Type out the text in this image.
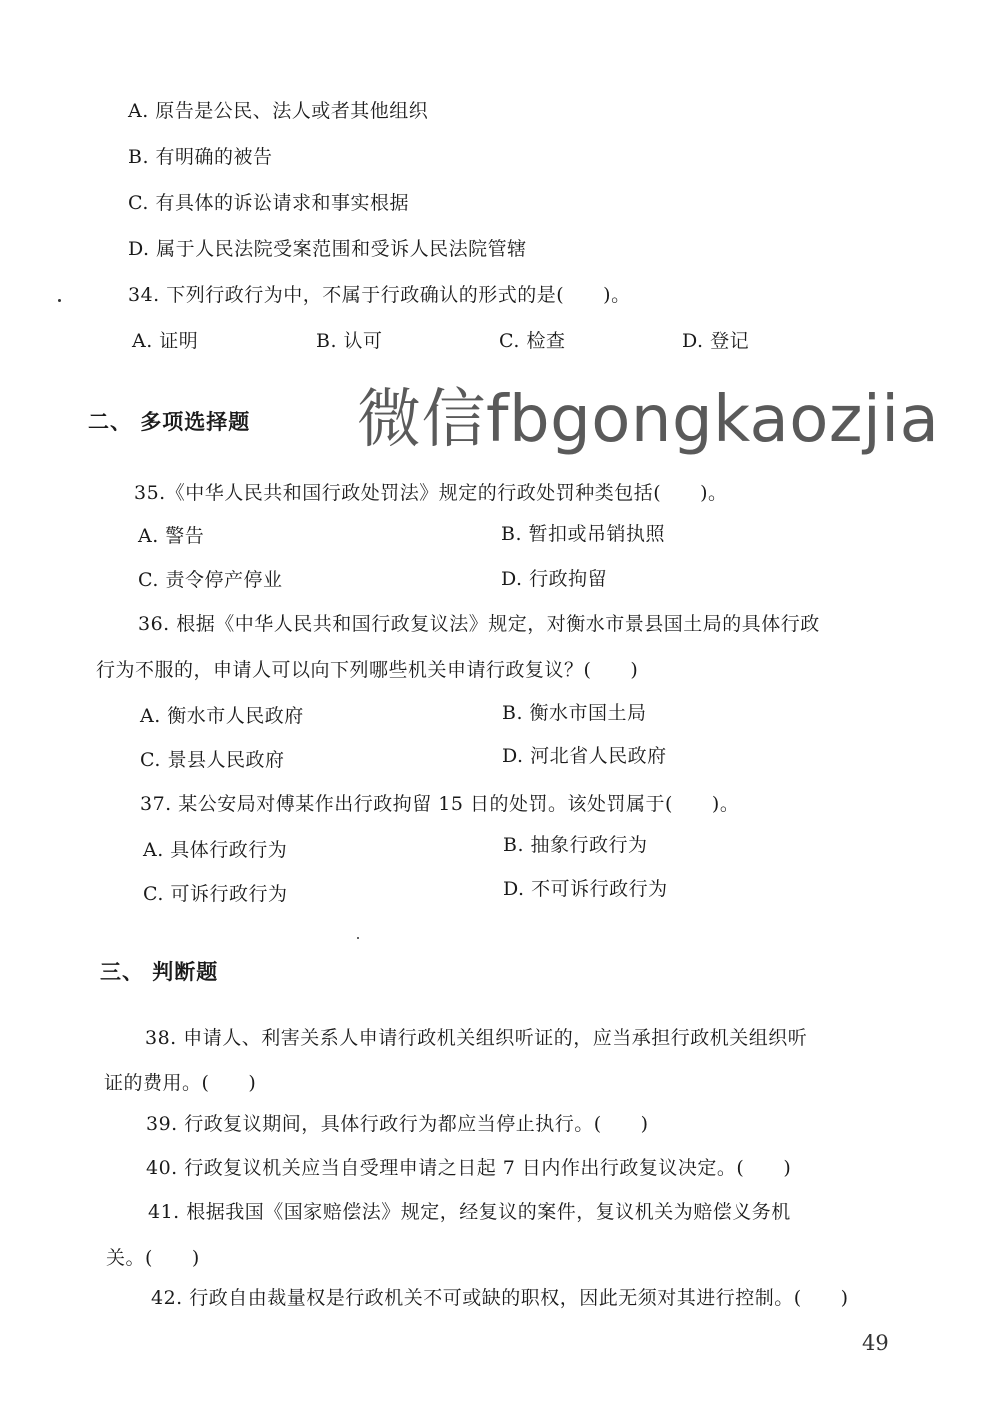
A. 原告是公民、法人或者其他组织
B. 有明确的被告
C. 有具体的诉讼请求和事实根据
D. 属于人民法院受案范围和受诉人民法院管辖
34. 下列行政行为中，不属于行政确认的形式的是(　　)。
A. 证明	B. 认可	C. 检查	D. 登记
二、 多项选择题 微信fbgongkaozjia
35.《中华人民共和国行政处罚法》规定的行政处罚种类包括(　　)。
A. 警告	B. 暂扣或吊销执照
C. 责令停产停业	D. 行政拘留
36. 根据《中华人民共和国行政复议法》规定，对衡水市景县国土局的具体行政
行为不服的，申请人可以向下列哪些机关申请行政复议？(　　)
A. 衡水市人民政府	B. 衡水市国土局
C. 景县人民政府	D. 河北省人民政府
37. 某公安局对傅某作出行政拘留 15 日的处罚。该处罚属于(　　)。
A. 具体行政行为	B. 抽象行政行为
C. 可诉行政行为	D. 不可诉行政行为
三、 判断题
38. 申请人、利害关系人申请行政机关组织听证的，应当承担行政机关组织听
证的费用。(　　)
39. 行政复议期间，具体行政行为都应当停止执行。(　　)
40. 行政复议机关应当自受理申请之日起 7 日内作出行政复议决定。(　　)
41. 根据我国《国家赔偿法》规定，经复议的案件，复议机关为赔偿义务机
关。(　　)
42. 行政自由裁量权是行政机关不可或缺的职权，因此无须对其进行控制。(　　)
49
